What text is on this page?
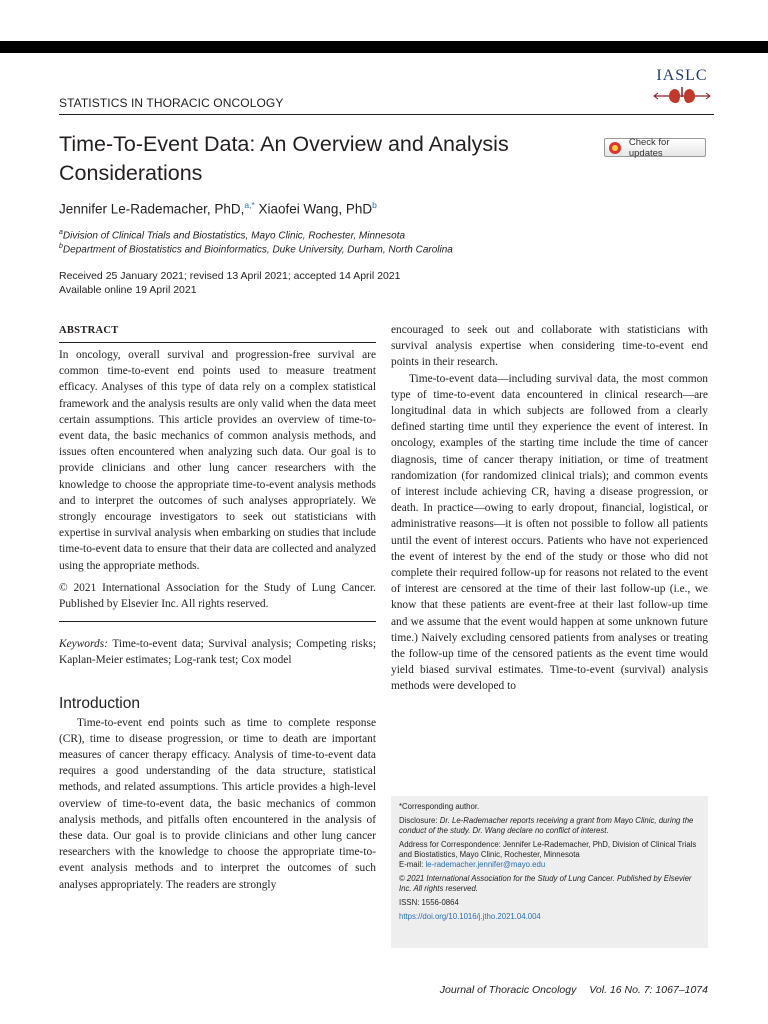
STATISTICS IN THORACIC ONCOLOGY
IASLC
Time-To-Event Data: An Overview and Analysis Considerations
Check for updates
Jennifer Le-Rademacher, PhD,$^{a,*}$ Xiaofei Wang, PhD$^b$
$^a$Division of Clinical Trials and Biostatistics, Mayo Clinic, Rochester, Minnesota
$^b$Department of Biostatistics and Bioinformatics, Duke University, Durham, North Carolina
Received 25 January 2021; revised 13 April 2021; accepted 14 April 2021
Available online 19 April 2021
ABSTRACT

In oncology, overall survival and progression-free survival are common time-to-event end points used to measure treatment efficacy. Analyses of this type of data rely on a complex statistical framework and the analysis results are only valid when the data meet certain assumptions. This article provides an overview of time-to-event data, the basic mechanics of common analysis methods, and issues often encountered when analyzing such data. Our goal is to provide clinicians and other lung cancer researchers with the knowledge to choose the appropriate time-to-event analysis methods and to interpret the outcomes of such analyses appropriately. We strongly encourage investigators to seek out statisticians with expertise in survival analysis when embarking on studies that include time-to-event data to ensure that their data are collected and analyzed using the appropriate methods.

© 2021 International Association for the Study of Lung Cancer. Published by Elsevier Inc. All rights reserved.

Keywords: Time-to-event data; Survival analysis; Competing risks; Kaplan-Meier estimates; Log-rank test; Cox model

Introduction

Time-to-event end points such as time to complete response (CR), time to disease progression, or time to death are important measures of cancer therapy efficacy. Analysis of time-to-event data requires a good understanding of the data structure, statistical methods, and related assumptions. This article provides a high-level overview of time-to-event data, the basic mechanics of common analysis methods, and pitfalls often encountered in the analysis of these data. Our goal is to provide clinicians and other lung cancer researchers with the knowledge to choose the appropriate time-to-event analysis methods and to interpret the outcomes of such analyses appropriately. The readers are strongly

encouraged to seek out and collaborate with statisticians with survival analysis expertise when considering time-to-event end points in their research.

Time-to-event data—including survival data, the most common type of time-to-event data encountered in clinical research—are longitudinal data in which subjects are followed from a clearly defined starting time until they experience the event of interest. In oncology, examples of the starting time include the time of cancer diagnosis, time of cancer therapy initiation, or time of treatment randomization (for randomized clinical trials); and common events of interest include achieving CR, having a disease progression, or death. In practice—owing to early dropout, financial, logistical, or administrative reasons—it is often not possible to follow all patients until the event of interest occurs. Patients who have not experienced the event of interest by the end of the study or those who did not complete their required follow-up for reasons not related to the event of interest are censored at the time of their last follow-up (i.e., we know that these patients are event-free at their last follow-up time and we assume that the event would happen at some unknown future time.) Naively excluding censored patients from analyses or treating the follow-up time of the censored patients as the event time would yield biased survival estimates. Time-to-event (survival) analysis methods were developed to

*Corresponding author.

Disclosure: Dr. Le-Rademacher reports receiving a grant from Mayo Clinic, during the conduct of the study. Dr. Wang declare no conflict of interest.

Address for Correspondence: Jennifer Le-Rademacher, PhD, Division of Clinical Trials and Biostatistics, Mayo Clinic, Rochester, Minnesota
E-mail: le-rademacher.jennifer@mayo.edu

© 2021 International Association for the Study of Lung Cancer. Published by Elsevier Inc. All rights reserved.

ISSN: 1556-0864

https://doi.org/10.1016/j.jtho.2021.04.004

Journal of Thoracic Oncology Vol. 16 No. 7: 1067–1074
